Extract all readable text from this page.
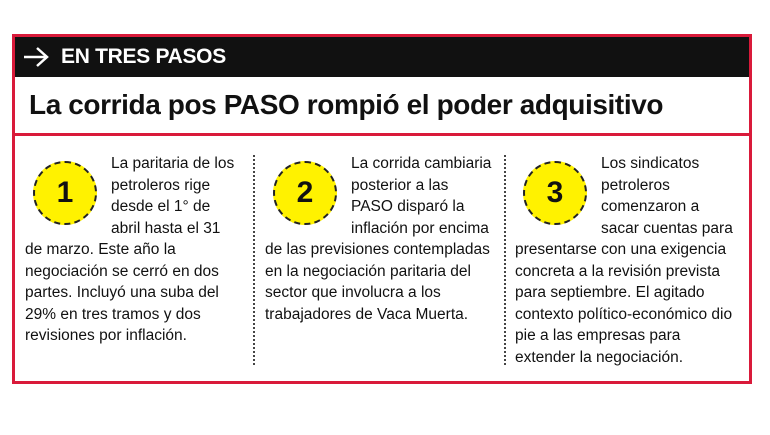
EN TRES PASOS
La corrida pos PASO rompió el poder adquisitivo
1

La paritaria de los petroleros rige desde el 1° de abril hasta el 31 de marzo. Este año la negociación se cerró en dos partes. Incluyó una suba del 29% en tres tramos y dos revisiones por inflación.

2

La corrida cambiaria posterior a las PASO disparó la inflación por encima de las previsiones contempladas en la negociación paritaria del sector que involucra a los trabajadores de Vaca Muerta.

3

Los sindicatos petroleros comenzaron a sacar cuentas para presentarse con una exigencia concreta a la revisión prevista para septiembre. El agitado contexto político-económico dio pie a las empresas para extender la negociación.
